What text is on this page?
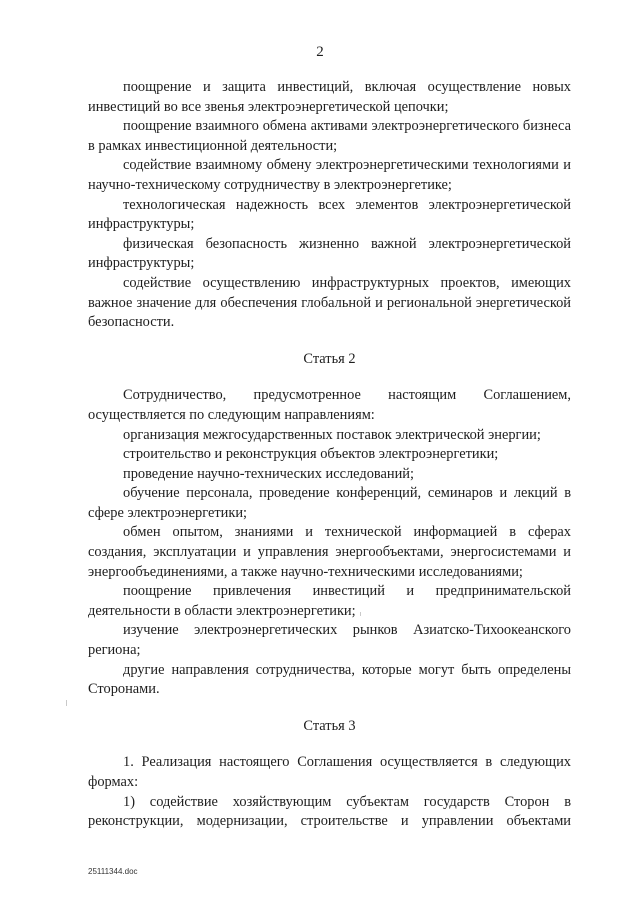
2

поощрение и защита инвестиций, включая осуществление новых инвестиций во все звенья электроэнергетической цепочки;

поощрение взаимного обмена активами электроэнергетического бизнеса в рамках инвестиционной деятельности;

содействие взаимному обмену электроэнергетическими технологиями и научно-техническому сотрудничеству в электроэнергетике;

технологическая надежность всех элементов электроэнергетической инфраструктуры;

физическая безопасность жизненно важной электроэнергетической инфраструктуры;

содействие осуществлению инфраструктурных проектов, имеющих важное значение для обеспечения глобальной и региональной энергетической безопасности.

Статья 2

Сотрудничество, предусмотренное настоящим Соглашением, осуществляется по следующим направлениям:

организация межгосударственных поставок электрической энергии;

строительство и реконструкция объектов электроэнергетики;

проведение научно-технических исследований;

обучение персонала, проведение конференций, семинаров и лекций в сфере электроэнергетики;

обмен опытом, знаниями и технической информацией в сферах создания, эксплуатации и управления энергообъектами, энергосистемами и энергообъединениями, а также научно-техническими исследованиями;

поощрение привлечения инвестиций и предпринимательской деятельности в области электроэнергетики;

изучение электроэнергетических рынков Азиатско-Тихоокеанского региона;

другие направления сотрудничества, которые могут быть определены Сторонами.

Статья 3

1. Реализация настоящего Соглашения осуществляется в следующих формах:

1) содействие хозяйствующим субъектам государств Сторон в реконструкции, модернизации, строительстве и управлении объектами

25111344.doc
